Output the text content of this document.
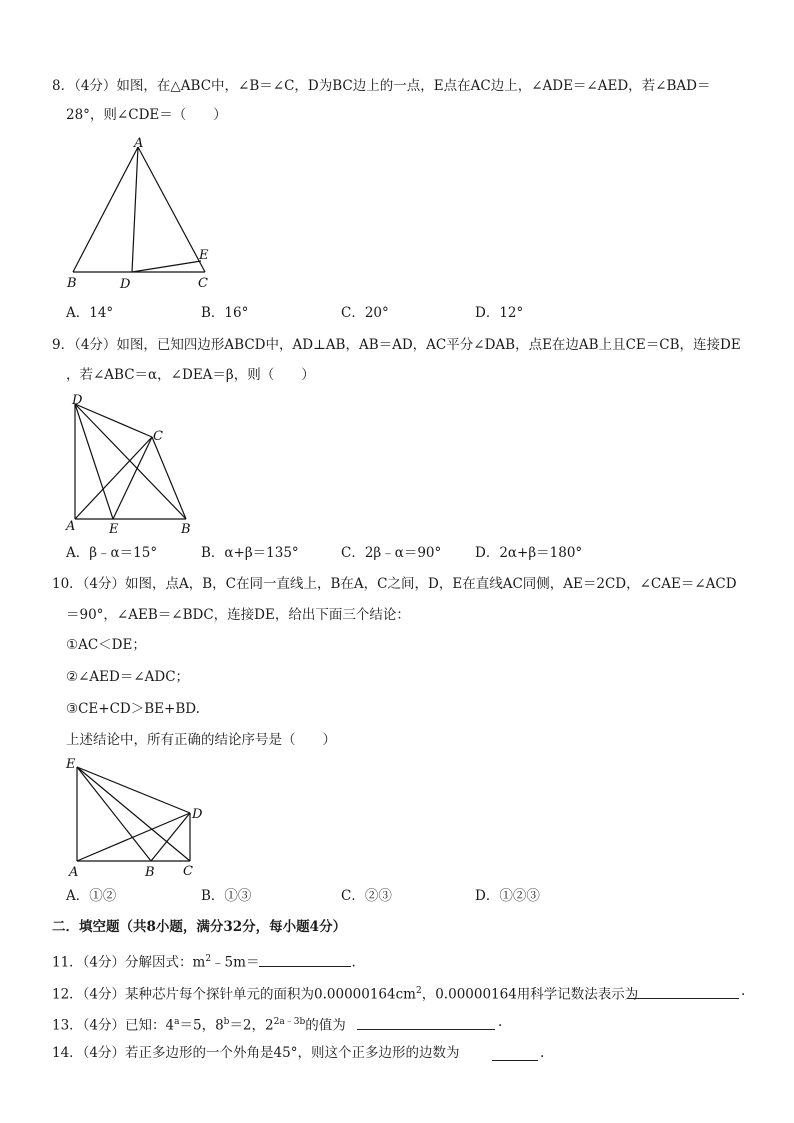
8．（4分）如图，在△ABC中，∠B＝∠C，D为BC边上的一点，E点在AC边上，∠ADE＝∠AED，若∠BAD＝
28°，则∠CDE＝（　　）
A
B	D	C
E
A．14°	B．16°	C．20°	D．12°
9．（4分）如图，已知四边形ABCD中，AD⊥AB，AB＝AD，AC平分∠DAB，点E在边AB上且CE＝CB，连接DE
，若∠ABC＝α，∠DEA＝β，则（　　）
D
C
A	E	B
A．β﹣α＝15°	B．α+β＝135°	C．2β﹣α＝90° D．2α+β＝180°
10．（4分）如图，点A，B，C在同一直线上，B在A，C之间，D，E在直线AC同侧，AE＝2CD，∠CAE＝∠ACD
＝90°，∠AEB＝∠BDC，连接DE，给出下面三个结论：
①AC＜DE；
②∠AED＝∠ADC；
③CE+CD＞BE+BD.
上述结论中，所有正确的结论序号是（　　）
E
D
A	B C
A．①②	B．①③	C．②③	D．①②③
二．填空题（共8小题，满分32分，每小题4分）
11．（4分）分解因式：$m^2﹣5m=$	.
12．（4分）某种芯片每个探针单元的面积为$0.00000164cm^2$，0.00000164用科学记数法表示为	.
13．（4分）已知：$4^a=5$，$8^b=2$，$2^{2a﹣3b}$的值为	.
14．（4分）若正多边形的一个外角是45°，则这个正多边形的边数为	.
